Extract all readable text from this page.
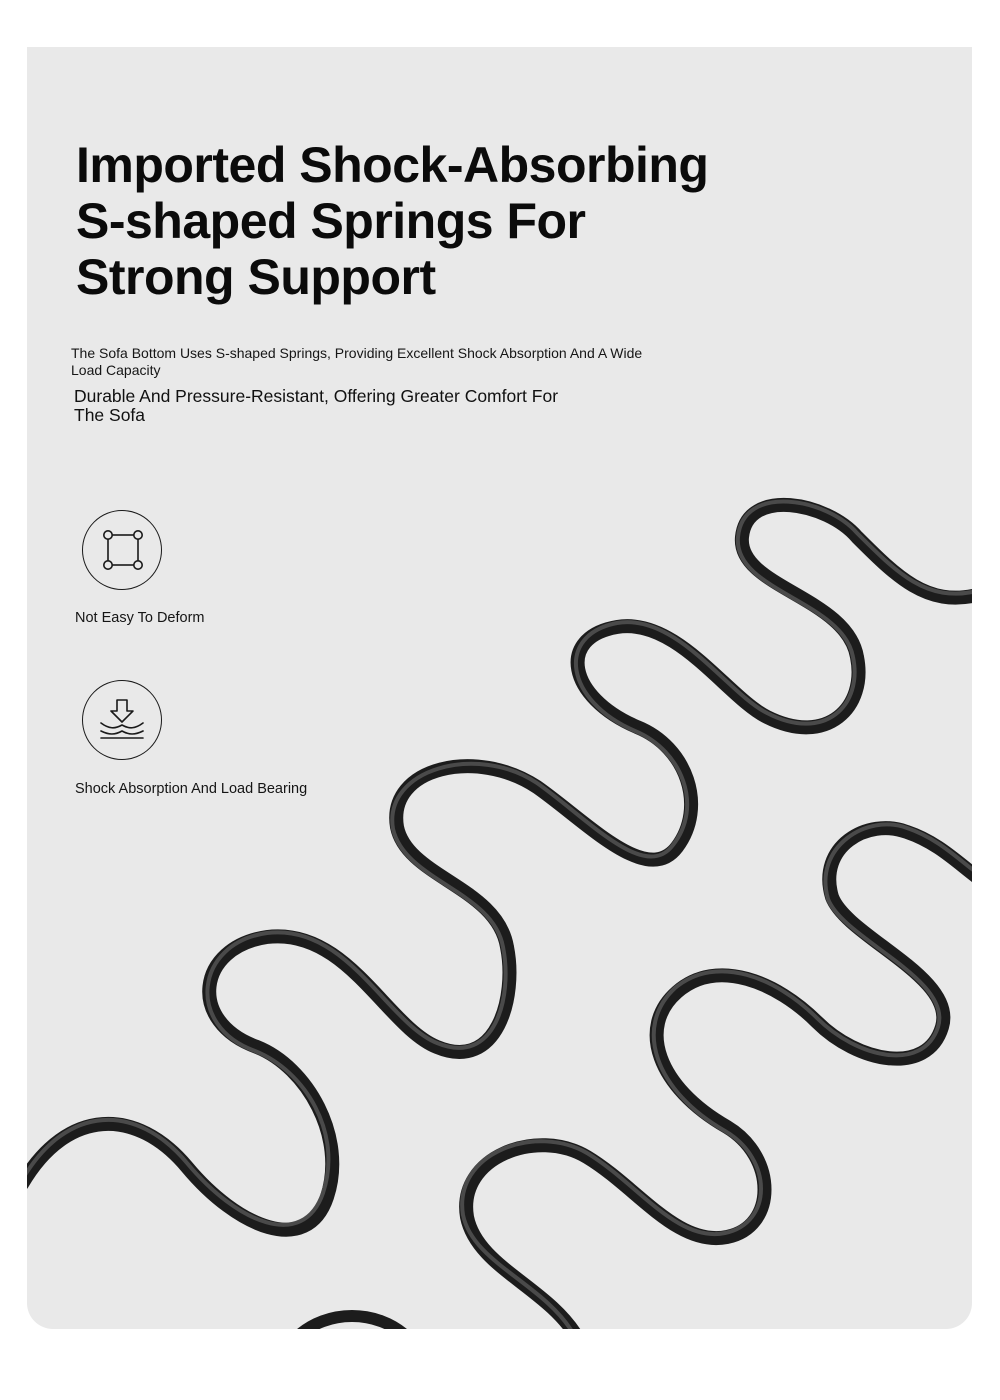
Imported Shock-Absorbing
S-shaped Springs For
Strong Support

The Sofa Bottom Uses S-shaped Springs, Providing Excellent Shock Absorption And A Wide Load Capacity

Durable And Pressure-Resistant, Offering Greater Comfort For The Sofa

Not Easy To Deform

Shock Absorption And Load Bearing
